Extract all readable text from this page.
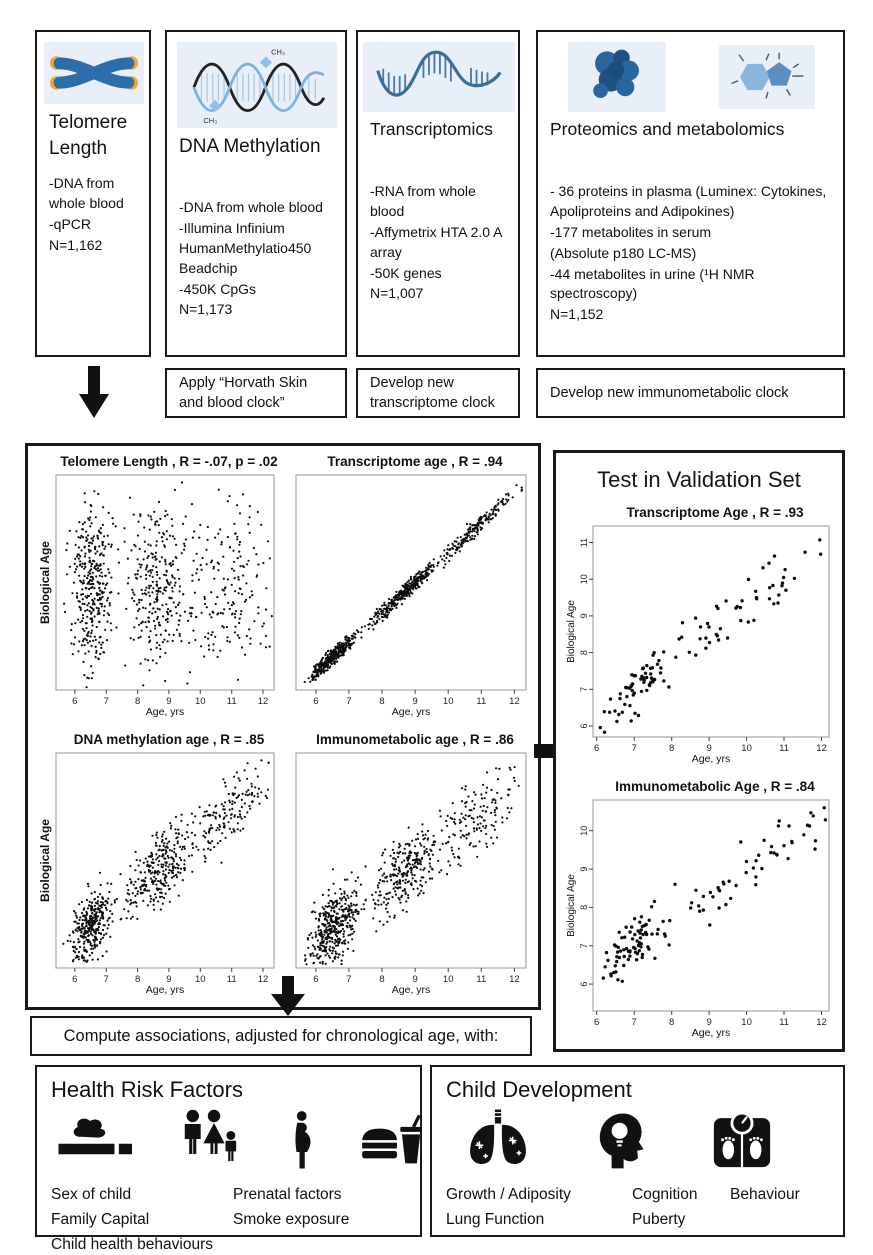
Telomere Length
-DNA from whole blood
-qPCR
N=1,162
CH₃
CH₃
DNA Methylation
-DNA from whole blood
-Illumina Infinium HumanMethylatio450 Beadchip
-450K CpGs
N=1,173
Transcriptomics
-RNA from whole blood
-Affymetrix HTA 2.0 A array
-50K genes
N=1,007
Proteomics and metabolomics
- 36 proteins in plasma (Luminex: Cytokines, Apoliproteins and Adipokines)
-177 metabolites in serum
(Absolute p180 LC-MS)
-44 metabolites in urine (¹H NMR spectroscopy)
N=1,152
Apply “Horvath Skin and blood clock”
Develop new transcriptome clock
Develop new immunometabolic clock
Telomere Length , R = -.07, p = .02
6	7	8	9 10 11 12
Age, yrs
Biological Age
Transcriptome age , R = .94
6	7	8	9	10 11 12
Age, yrs
DNA methylation age , R = .85
6	7	8	9 10 11 12
Age, yrs
Biological Age
Immunometabolic age , R = .86
6	7	8	9	10 11 12
Age, yrs
Test in Validation Set
Transcriptome Age , R = .93
6	7	8	9	10	11	12
6
7
8
9
10
11
Age, yrs
Biological Age
Immunometabolic Age , R = .84
6	7	8	9	10	11	12
6
7
8
9
10
Age, yrs
Biological Age
Compute associations, adjusted for chronological age, with:
Health Risk Factors
Sex of child
Family Capital
Child health behaviours
Prenatal factors
Smoke exposure
Child Development
Growth / Adiposity
Lung Function
Cognition
Puberty
Behaviour
